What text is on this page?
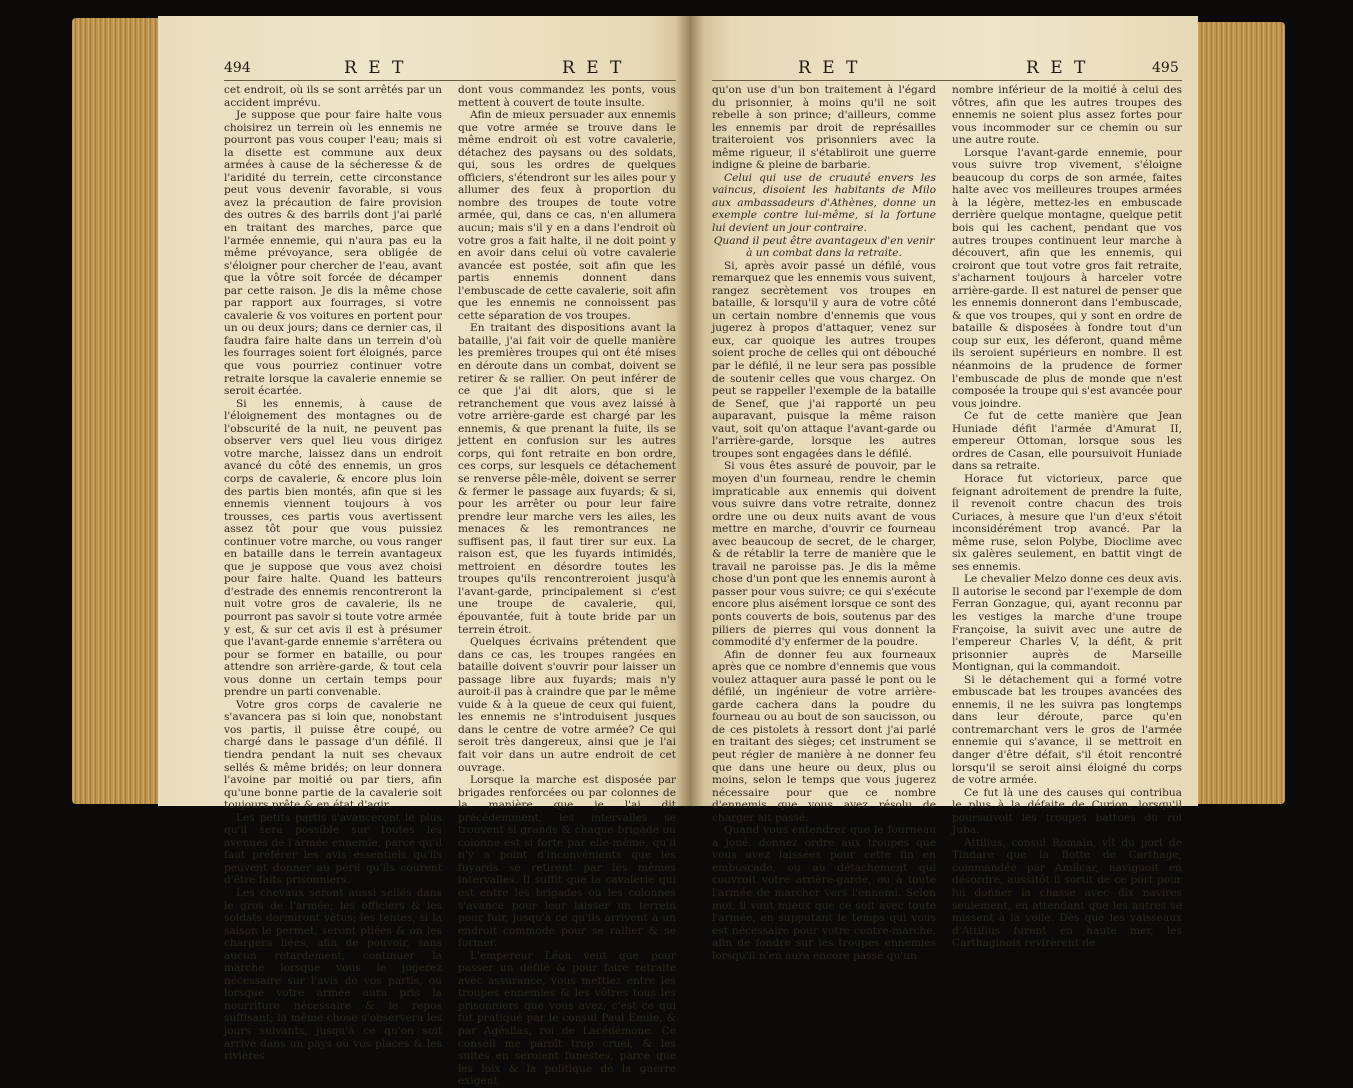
494	R E T	R E T

cet endroit, où ils se sont arrêtés par un accident imprévu.

Je suppose que pour faire halte vous choisirez un terrein où les ennemis ne pourront pas vous couper l'eau; mais si la disette est commune aux deux armées à cause de la sécheresse & de l'aridité du terrein, cette circonstance peut vous devenir favorable, si vous avez la précaution de faire provision des outres & des barrils dont j'ai parlé en traitant des marches, parce que l'armée ennemie, qui n'aura pas eu la même prévoyance, sera obligée de s'éloigner pour chercher de l'eau, avant que la vôtre soit forcée de décamper par cette raison. Je dis la même chose par rapport aux fourrages, si votre cavalerie & vos voitures en portent pour un ou deux jours; dans ce dernier cas, il faudra faire halte dans un terrein d'où les fourrages soient fort éloignés, parce que vous pourriez continuer votre retraite lorsque la cavalerie ennemie se seroit écartée.

Si les ennemis, à cause de l'éloignement des montagnes ou de l'obscurité de la nuit, ne peuvent pas observer vers quel lieu vous dirigez votre marche, laissez dans un endroit avancé du côté des ennemis, un gros corps de cavalerie, & encore plus loin des partis bien montés, afin que si les ennemis viennent toujours à vos trousses, ces partis vous avertissent assez tôt pour que vous puissiez continuer votre marche, ou vous ranger en bataille dans le terrein avantageux que je suppose que vous avez choisi pour faire halte. Quand les batteurs d'estrade des ennemis rencontreront la nuit votre gros de cavalerie, ils ne pourront pas savoir si toute votre armée y est, & sur cet avis il est à présumer que l'avant-garde ennemie s'arrêtera ou pour se former en bataille, ou pour attendre son arrière-garde, & tout cela vous donne un certain temps pour prendre un parti convenable.

Votre gros corps de cavalerie ne s'avancera pas si loin que, nonobstant vos partis, il puisse être coupé, ou chargé dans le passage d'un défilé. Il tiendra pendant la nuit ses chevaux sellés & même bridés; on leur donnera l'avoine par moitié ou par tiers, afin qu'une bonne partie de la cavalerie soit toujours prête & en état d'agir.

Les petits partis s'avanceront le plus qu'il sera possible sur toutes les avenues de l'armée ennemie, parce qu'il faut préférer les avis essentiels qu'ils peuvent donner au péril qu'ils courent d'être faits prisonniers.

Les chevaux seront aussi sellés dans le gros de l'armée; les officiers & les soldats dormiront vêtus; les tentes, si la saison le permet, seront pliées & on les chargera liées, afin de pouvoir, sans aucun retardement, continuer la marche lorsque vous le jugerez nécessaire sur l'avis de vos partis, ou lorsque votre armée aura pris la nourriture nécessaire & le repos suffisant; la même chose s'observera les jours suivants, jusqu'à ce qu'on soit arrivé dans un pays où vos places & les rivières

dont vous commandez les ponts, vous mettent à couvert de toute insulte.

Afin de mieux persuader aux ennemis que votre armée se trouve dans le même endroit où est votre cavalerie, détachez des paysans ou des soldats, qui, sous les ordres de quelques officiers, s'étendront sur les ailes pour y allumer des feux à proportion du nombre des troupes de toute votre armée, qui, dans ce cas, n'en allumera aucun; mais s'il y en a dans l'endroit où votre gros a fait halte, il ne doit point y en avoir dans celui où votre cavalerie avancée est postée, soit afin que les partis ennemis donnent dans l'embuscade de cette cavalerie, soit afin que les ennemis ne connoissent pas cette séparation de vos troupes.

En traitant des dispositions avant la bataille, j'ai fait voir de quelle manière les premières troupes qui ont été mises en déroute dans un combat, doivent se retirer & se rallier. On peut inférer de ce que j'ai dit alors, que si le retranchement que vous avez laissé à votre arrière-garde est chargé par les ennemis, & que prenant la fuite, ils se jettent en confusion sur les autres corps, qui font retraite en bon ordre, ces corps, sur lesquels ce détachement se renverse pêle-mêle, doivent se serrer & fermer le passage aux fuyards; & si, pour les arrêter ou pour leur faire prendre leur marche vers les ailes, les menaces & les remontrances ne suffisent pas, il faut tirer sur eux. La raison est, que les fuyards intimidés, mettroient en désordre toutes les troupes qu'ils rencontreroient jusqu'à l'avant-garde, principalement si c'est une troupe de cavalerie, qui, épouvantée, fuit à toute bride par un terrein étroit.

Quelques écrivains prétendent que dans ce cas, les troupes rangées en bataille doivent s'ouvrir pour laisser un passage libre aux fuyards; mais n'y auroit-il pas à craindre que par le même vuide & à la queue de ceux qui fuient, les ennemis ne s'introduisent jusques dans le centre de votre armée? Ce qui seroit très dangereux, ainsi que je l'ai fait voir dans un autre endroit de cet ouvrage.

Lorsque la marche est disposée par brigades renforcées ou par colonnes de la manière que je l'ai dit précédemment, les intervalles se trouvent si grands & chaque brigade ou colonne est si forte par elle-même, qu'il n'y a point d'inconvénients que les fuyards se retirent par les mêmes intervalles. Il suffit que la cavalerie qui est entre les brigades ou les colonnes s'avance pour leur laisser un terrein pour fuir, jusqu'à ce qu'ils arrivent à un endroit commode pour se rallier & se former.

L'empereur Léon veut que pour passer un défilé & pour faire retraite avec assurance, vous mettiez entre les troupes ennemies & les vôtres tous les prisonniers que vous avez; c'est ce qui fut pratiqué par le consul Paul Emile, & par Agésilas, roi de Lacédémone. Ce conseil me paroît trop cruel, & les suites en seroient funestes, parce que les loix & la politique de la guerre exigent

R E T	R E T	495

qu'on use d'un bon traitement à l'égard du prisonnier, à moins qu'il ne soit rebelle à son prince; d'ailleurs, comme les ennemis par droit de représailles traiteroient vos prisonniers avec la même rigueur, il s'établiroit une guerre indigne & pleine de barbarie.

Celui qui use de cruauté envers les vaincus, disoient les habitants de Milo aux ambassadeurs d'Athènes, donne un exemple contre lui-même, si la fortune lui devient un jour contraire.

Quand il peut être avantageux d'en venir à un combat dans la retraite.

Si, après avoir passé un défilé, vous remarquez que les ennemis vous suivent, rangez secrètement vos troupes en bataille, & lorsqu'il y aura de votre côté un certain nombre d'ennemis que vous jugerez à propos d'attaquer, venez sur eux, car quoique les autres troupes soient proche de celles qui ont débouché par le défilé, il ne leur sera pas possible de soutenir celles que vous chargez. On peut se rappeller l'exemple de la bataille de Senef, que j'ai rapporté un peu auparavant, puisque la même raison vaut, soit qu'on attaque l'avant-garde ou l'arrière-garde, lorsque les autres troupes sont engagées dans le défilé.

Si vous êtes assuré de pouvoir, par le moyen d'un fourneau, rendre le chemin impraticable aux ennemis qui doivent vous suivre dans votre retraite, donnez ordre une ou deux nuits avant de vous mettre en marche, d'ouvrir ce fourneau avec beaucoup de secret, de le charger, & de rétablir la terre de manière que le travail ne paroisse pas. Je dis la même chose d'un pont que les ennemis auront à passer pour vous suivre; ce qui s'exécute encore plus aisément lorsque ce sont des ponts couverts de bois, soutenus par des piliers de pierres qui vous donnent la commodité d'y enfermer de la poudre.

Afin de donner feu aux fourneaux après que ce nombre d'ennemis que vous voulez attaquer aura passé le pont ou le défilé, un ingénieur de votre arrière-garde cachera dans la poudre du fourneau ou au bout de son saucisson, ou de ces pistolets à ressort dont j'ai parlé en traitant des sièges; cet instrument se peut régler de manière à ne donner feu que dans une heure ou deux, plus ou moins, selon le temps que vous jugerez nécessaire pour que ce nombre d'ennemis que vous avez résolu de charger ait passé.

Quand vous entendrez que le fourneau a joué, donnez ordre aux troupes que vous avez laissées pour cette fin en embuscade, ou au détachement qui couvroit votre arrière-garde, ou à toute l'armée de marcher vers l'ennemi. Selon moi, il vaut mieux que ce soit avec toute l'armée, en supputant le temps qui vous est nécessaire pour votre contre-marche, afin de fondre sur les troupes ennemies lorsqu'il n'en aura encore passé qu'un

nombre inférieur de la moitié à celui des vôtres, afin que les autres troupes des ennemis ne soient plus assez fortes pour vous incommoder sur ce chemin ou sur une autre route.

Lorsque l'avant-garde ennemie, pour vous suivre trop vivement, s'éloigne beaucoup du corps de son armée, faites halte avec vos meilleures troupes armées à la légère, mettez-les en embuscade derrière quelque montagne, quelque petit bois qui les cachent, pendant que vos autres troupes continuent leur marche à découvert, afin que les ennemis, qui croiront que tout votre gros fait retraite, s'acharnent toujours à harceler votre arrière-garde. Il est naturel de penser que les ennemis donneront dans l'embuscade, & que vos troupes, qui y sont en ordre de bataille & disposées à fondre tout d'un coup sur eux, les déferont, quand même ils seroient supérieurs en nombre. Il est néanmoins de la prudence de former l'embuscade de plus de monde que n'est composée la troupe qui s'est avancée pour vous joindre.

Ce fut de cette manière que Jean Huniade défit l'armée d'Amurat II, empereur Ottoman, lorsque sous les ordres de Casan, elle poursuivoit Huniade dans sa retraite.

Horace fut victorieux, parce que feignant adroitement de prendre la fuite, il revenoit contre chacun des trois Curiaces, à mesure que l'un d'eux s'étoit inconsidérément trop avancé. Par la même ruse, selon Polybe, Dioclime avec six galères seulement, en battit vingt de ses ennemis.

Le chevalier Melzo donne ces deux avis. Il autorise le second par l'exemple de dom Ferran Gonzague, qui, ayant reconnu par les vestiges la marche d'une troupe Françoise, la suivit avec une autre de l'empereur Charles V, la défit, & prit prisonnier auprès de Marseille Montignan, qui la commandoit.

Si le détachement qui a formé votre embuscade bat les troupes avancées des ennemis, il ne les suivra pas longtemps dans leur déroute, parce qu'en contremarchant vers le gros de l'armée ennemie qui s'avance, il se mettroit en danger d'être défait, s'il étoit rencontré lorsqu'il se seroit ainsi éloigné du corps de votre armée.

Ce fut là une des causes qui contribua le plus à la défaite de Curion, lorsqu'il poursuivoit les troupes battues du roi Juba.

Attilius, consul Romain, vit du port de Tindare que la flotte de Carthage, commandée par Amilcar, naviguoit en désordre, aussitôt il sortit de ce port pour lui donner la chasse avec dix navires seulement, en attendant que les autres se missent à la voile. Dès que les vaisseaux d'Attilius furent en haute mer, les Carthaginois revirèrent de
